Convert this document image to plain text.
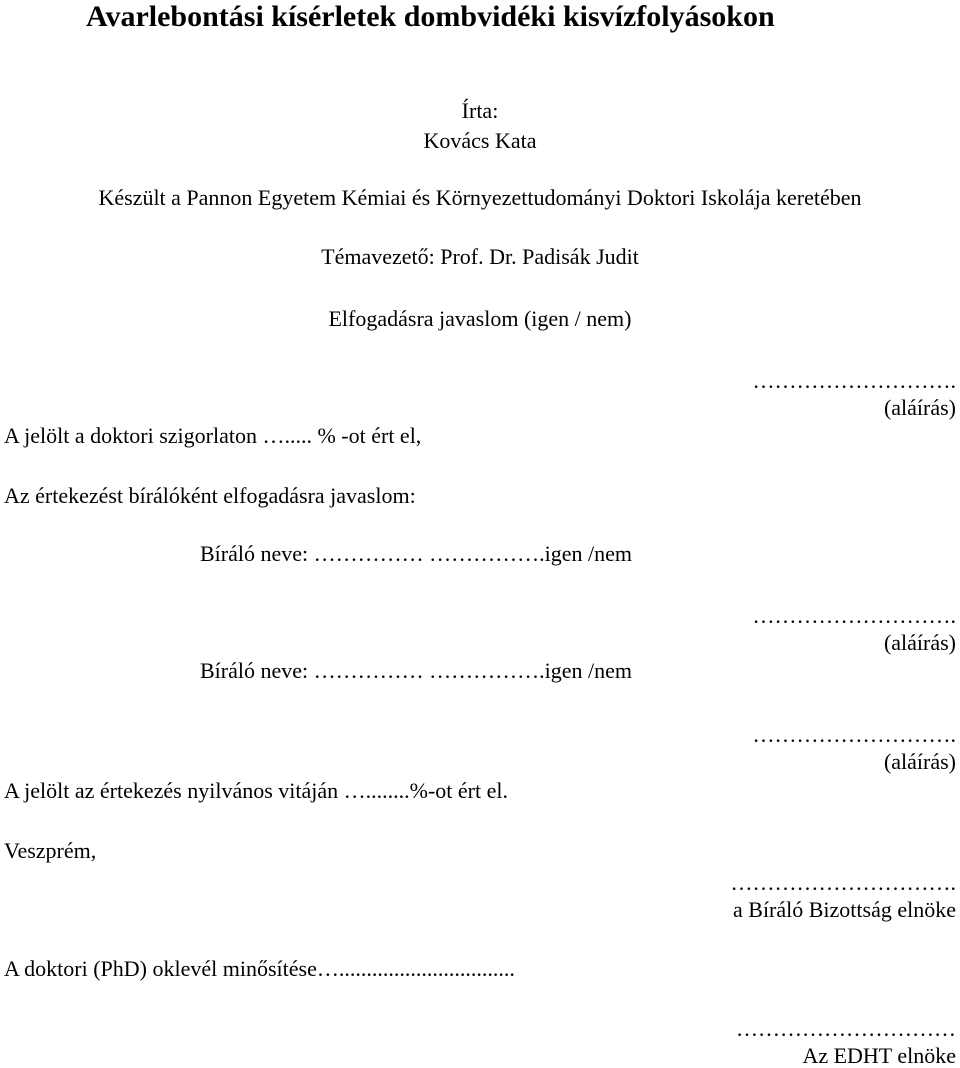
Avarlebontási kísérletek dombvidéki kisvízfolyásokon
Írta:
Kovács Kata
Készült a Pannon Egyetem Kémiai és Környezettudományi Doktori Iskolája keretében
Témavezető: Prof. Dr. Padisák Judit
Elfogadásra javaslom (igen / nem)
……………………….
(aláírás)
A jelölt a doktori szigorlaton …..... % -ot ért el,
Az értekezést bírálóként elfogadásra javaslom:
Bíráló neve: …………… …………….igen /nem
……………………….
(aláírás)
Bíráló neve: …………… …………….igen /nem
……………………….
(aláírás)
A jelölt az értekezés nyilvános vitáján …........%-ot ért el.
Veszprém,
………………………….
a Bíráló Bizottság elnöke
A doktori (PhD) oklevél minősítése…................................
…………………………
Az EDHT elnöke
